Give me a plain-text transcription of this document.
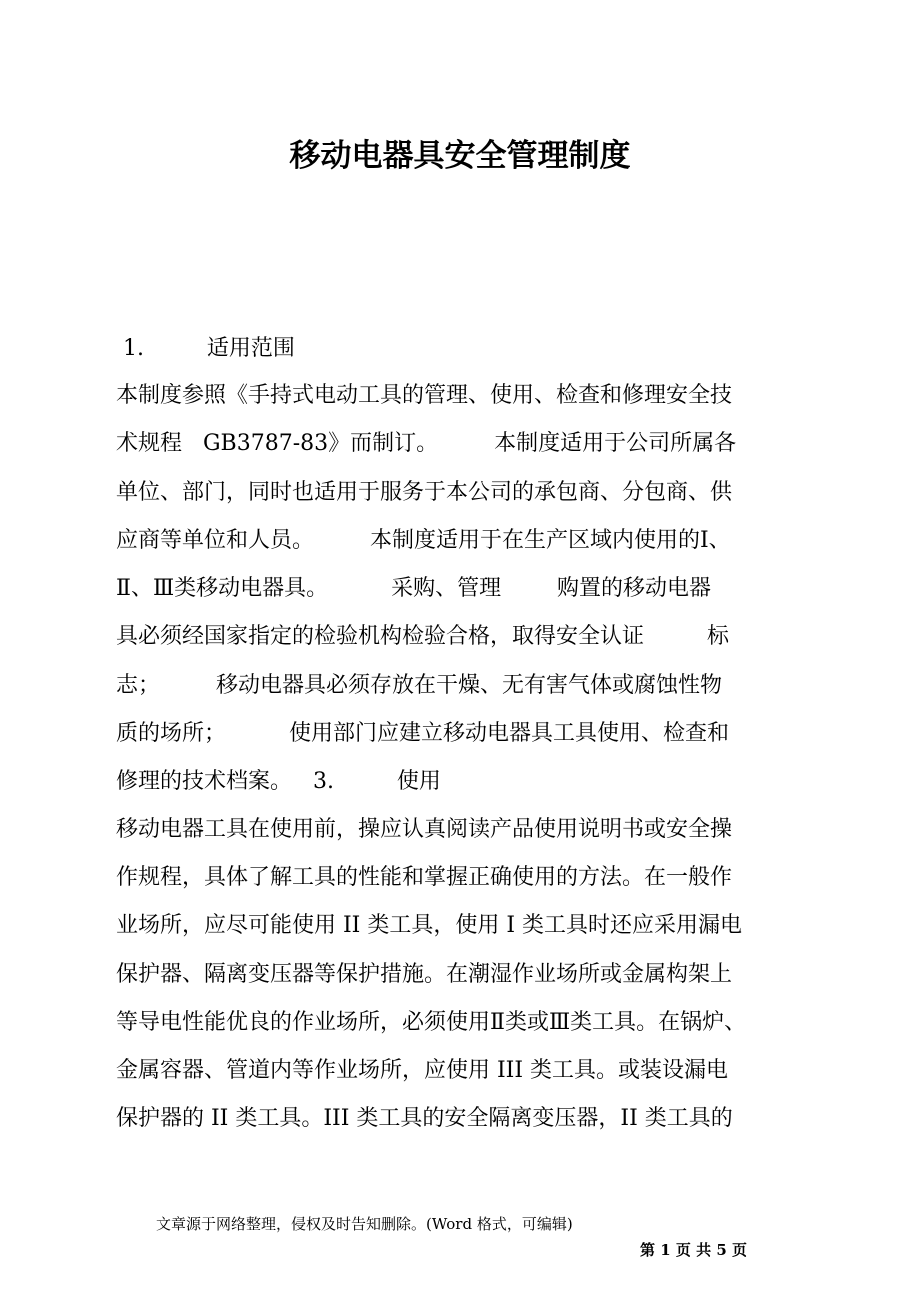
移动电器具安全管理制度

1.         适用范围

本制度参照《手持式电动工具的管理、使用、检查和修理安全技

术规程   GB3787-83》而制订。        本制度适用于公司所属各

单位、部门，同时也适用于服务于本公司的承包商、分包商、供

应商等单位和人员。        本制度适用于在生产区域内使用的Ⅰ、

Ⅱ、Ⅲ类移动电器具。         采购、管理        购置的移动电器

具必须经国家指定的检验机构检验合格，取得安全认证         标

志；        移动电器具必须存放在干燥、无有害气体或腐蚀性物

质的场所；         使用部门应建立移动电器具工具使用、检查和

修理的技术档案。   3.         使用

移动电器工具在使用前，操应认真阅读产品使用说明书或安全操

作规程，具体了解工具的性能和掌握正确使用的方法。在一般作

业场所，应尽可能使用 II 类工具，使用 I 类工具时还应采用漏电

保护器、隔离变压器等保护措施。在潮湿作业场所或金属构架上

等导电性能优良的作业场所，必须使用Ⅱ类或Ⅲ类工具。在锅炉、

金属容器、管道内等作业场所，应使用 III 类工具。或装设漏电

保护器的 II 类工具。III 类工具的安全隔离变压器，II 类工具的

文章源于网络整理，侵权及时告知删除。(Word 格式，可编辑)

第 1 页 共 5 页
